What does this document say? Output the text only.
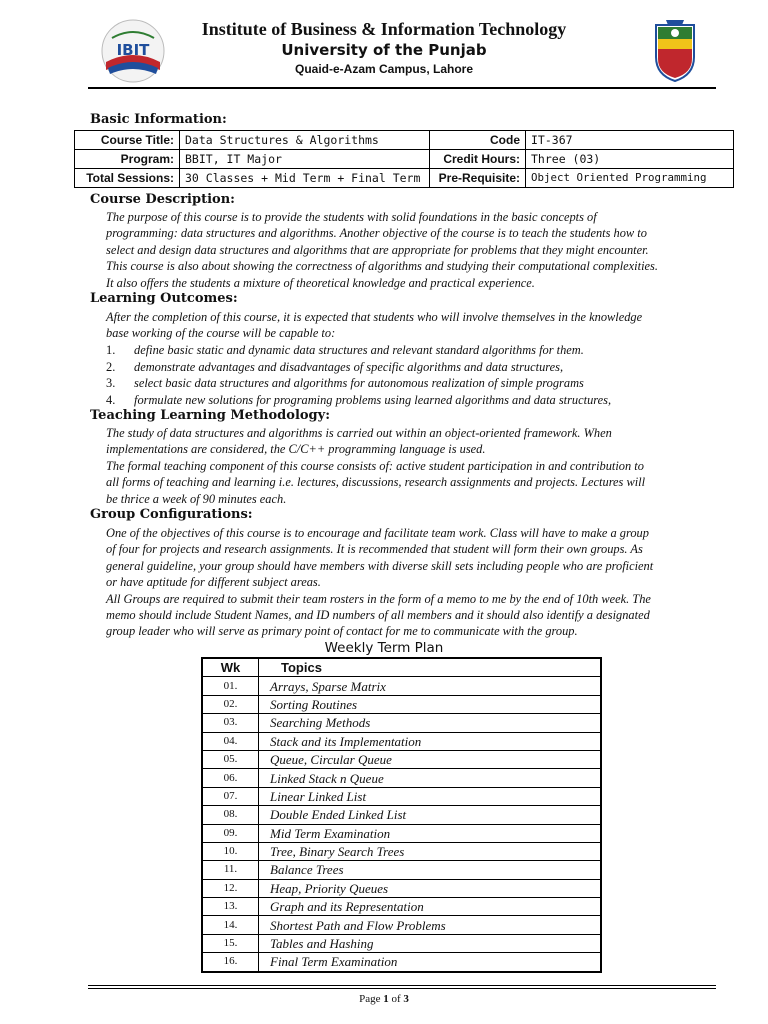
IBIT
Institute of Business & Information Technology
University of the Punjab
Quaid-e-Azam Campus, Lahore
Basic Information:
Course Title:	Data Structures & Algorithms	Code	IT-367
Program:	BBIT, IT Major	Credit Hours:	Three (03)
Total Sessions:	30 Classes + Mid Term + Final Term	Pre-Requisite:	Object Oriented Programming
Course Description:
The purpose of this course is to provide the students with solid foundations in the basic concepts of
programming: data structures and algorithms. Another objective of the course is to teach the students how to
select and design data structures and algorithms that are appropriate for problems that they might encounter.
This course is also about showing the correctness of algorithms and studying their computational complexities.
It also offers the students a mixture of theoretical knowledge and practical experience.
Learning Outcomes:
After the completion of this course, it is expected that students who will involve themselves in the knowledge
base working of the course will be capable to:
1. define basic static and dynamic data structures and relevant standard algorithms for them.
2. demonstrate advantages and disadvantages of specific algorithms and data structures,
3. select basic data structures and algorithms for autonomous realization of simple programs
4. formulate new solutions for programing problems using learned algorithms and data structures,
Teaching Learning Methodology:
The study of data structures and algorithms is carried out within an object-oriented framework. When
implementations are considered, the C/C++ programming language is used.
The formal teaching component of this course consists of: active student participation in and contribution to
all forms of teaching and learning i.e. lectures, discussions, research assignments and projects. Lectures will
be thrice a week of 90 minutes each.
Group Configurations:
One of the objectives of this course is to encourage and facilitate team work. Class will have to make a group
of four for projects and research assignments. It is recommended that student will form their own groups. As
general guideline, your group should have members with diverse skill sets including people who are proficient
or have aptitude for different subject areas.
All Groups are required to submit their team rosters in the form of a memo to me by the end of 10th week. The
memo should include Student Names, and ID numbers of all members and it should also identify a designated
group leader who will serve as primary point of contact for me to communicate with the group.
Weekly Term Plan
Wk	Topics
01.	Arrays, Sparse Matrix
02.	Sorting Routines
03.	Searching Methods
04.	Stack and its Implementation
05.	Queue, Circular Queue
06.	Linked Stack n Queue
07.	Linear Linked List
08.	Double Ended Linked List
09.	Mid Term Examination
10.	Tree, Binary Search Trees
11.	Balance Trees
12.	Heap, Priority Queues
13.	Graph and its Representation
14.	Shortest Path and Flow Problems
15.	Tables and Hashing
16.	Final Term Examination
Page 1 of 3
